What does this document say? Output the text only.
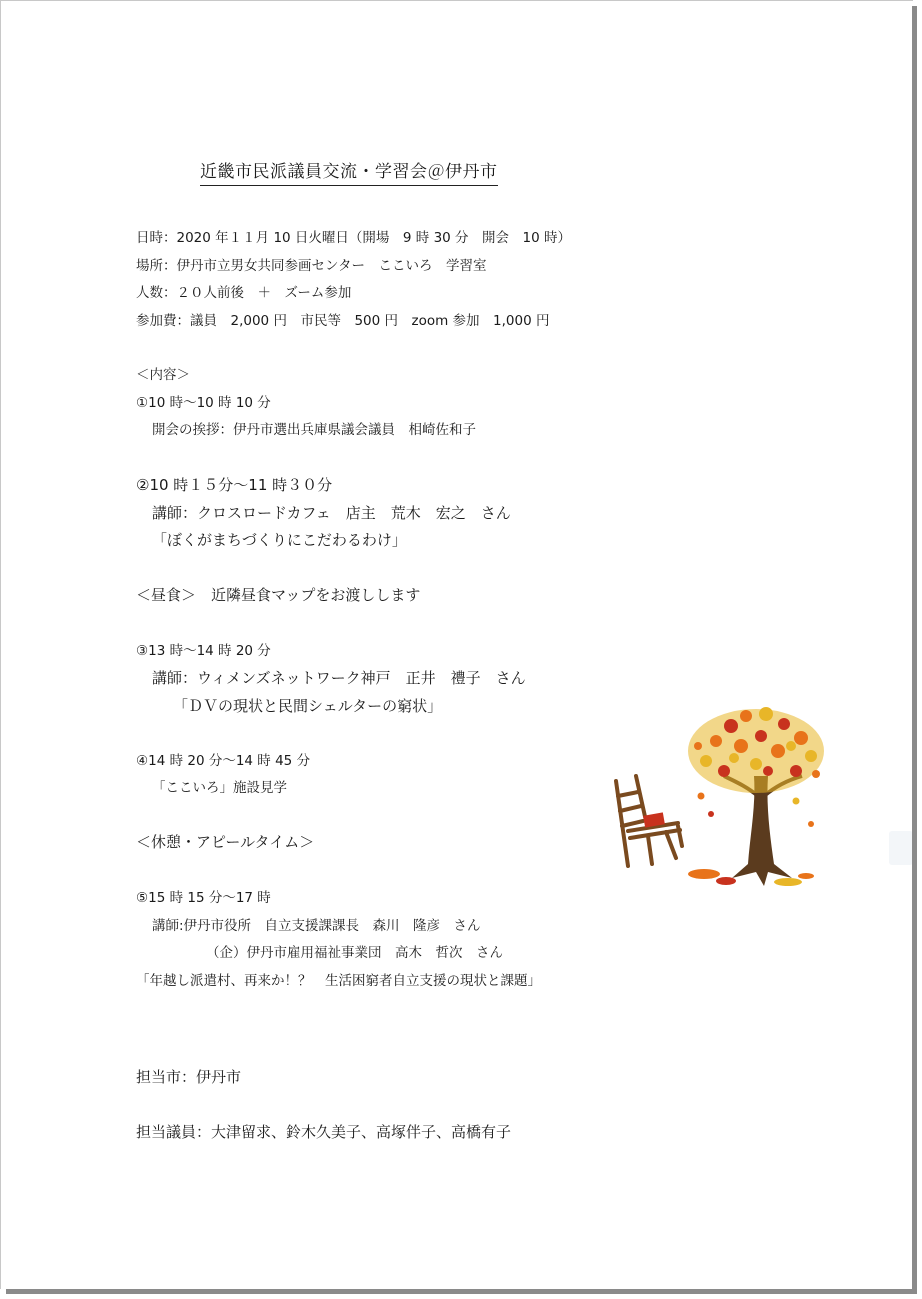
近畿市民派議員交流・学習会＠伊丹市
日時：2020 年１１月 10 日火曜日（開場　9 時 30 分　開会　10 時）
場所：伊丹市立男女共同参画センター　ここいろ　学習室
人数：２０人前後　＋　ズーム参加
参加費：議員　2,000 円　市民等　500 円　zoom 参加　1,000 円
＜内容＞
①10 時～10 時 10 分
開会の挨拶：伊丹市選出兵庫県議会議員　相崎佐和子
②10 時１５分～11 時３０分
講師：クロスロードカフェ　店主　荒木　宏之　さん
「ぼくがまちづくりにこだわるわけ」
＜昼食＞　近隣昼食マップをお渡しします
③13 時～14 時 20 分
講師：ウィメンズネットワーク神戸　正井　禮子　さん
「ＤＶの現状と民間シェルターの窮状」
④14 時 20 分～14 時 45 分
「ここいろ」施設見学
＜休憩・アピールタイム＞
⑤15 時 15 分～17 時
講師:伊丹市役所　自立支援課課長　森川　隆彦　さん
（企）伊丹市雇用福祉事業団　高木　哲次　さん
「年越し派遣村、再来か！？　生活困窮者自立支援の現状と課題」
担当市：伊丹市
担当議員：大津留求、鈴木久美子、高塚伴子、高橋有子
